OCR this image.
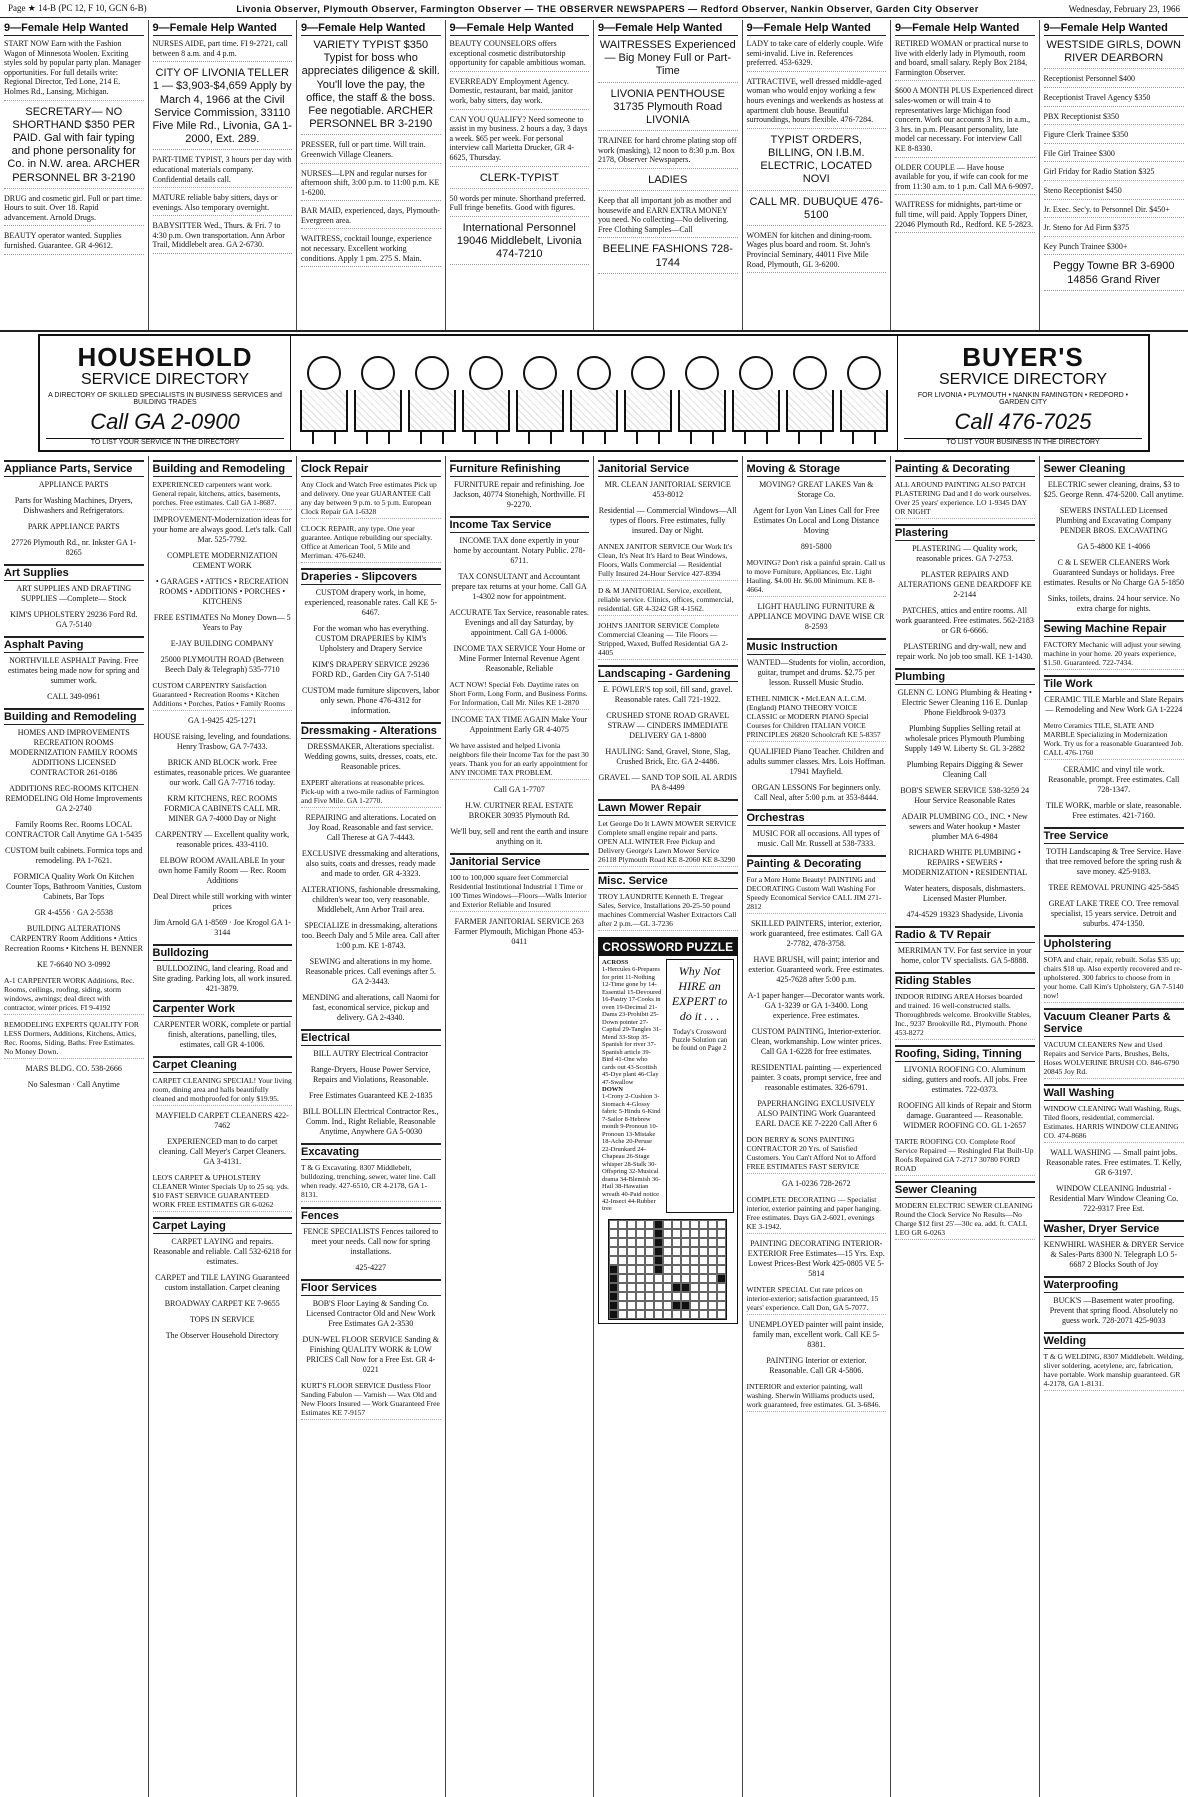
Page ★ 14-B (PC 12, F 10, GCN 6-B)	Livonia Observer, Plymouth Observer, Farmington Observer — THE OBSERVER NEWSPAPERS — Redford Observer, Nankin Observer, Garden City Observer	Wednesday, February 23, 1966
9—Female Help Wanted
START NOW Earn with the Fashion Wagon of Minnesota Woolen. Exciting styles sold by popular party plan. Manager opportunities. For full details write: Regional Director, Ted Lone, 214 E. Holmes Rd., Lansing, Michigan.
SECRETARY— NO SHORTHAND $350 PER PAID. Gal with fair typing and phone personality for Co. in N.W. area. ARCHER PERSONNEL BR 3-2190
DRUG and cosmetic girl. Full or part time. Hours to suit. Over 18. Rapid advancement. Arnold Drugs.
BEAUTY operator wanted. Supplies furnished. Guarantee. GR 4-9612.
9—Female Help Wanted
NURSES AIDE, part time. FI 9-2721, call between 8 a.m. and 4 p.m.
CITY OF LIVONIA TELLER 1 — $3,903-$4,659 Apply by March 4, 1966 at the Civil Service Commission, 33110 Five Mile Rd., Livonia, GA 1-2000, Ext. 289.
PART-TIME TYPIST, 3 hours per day with educational materials company. Confidential details call.
MATURE reliable baby sitters, days or evenings. Also temporary overnight.
BABYSITTER Wed., Thurs. & Fri. 7 to 4:30 p.m. Own transportation. Ann Arbor Trail, Middlebelt area. GA 2-6730.
9—Female Help Wanted
VARIETY TYPIST $350 Typist for boss who appreciates diligence & skill. You'll love the pay, the office, the staff & the boss. Fee negotiable. ARCHER PERSONNEL BR 3-2190
PRESSER, full or part time. Will train. Greenwich Village Cleaners.
NURSES—LPN and regular nurses for afternoon shift, 3:00 p.m. to 11:00 p.m. KE 1-6200.
BAR MAID, experienced, days, Plymouth-Evergreen area.
WAITRESS, cocktail lounge, experience not necessary. Excellent working conditions. Apply 1 pm. 275 S. Main.
9—Female Help Wanted
BEAUTY COUNSELORS offers exceptional cosmetic distributorship opportunity for capable ambitious woman.
EVERREADY Employment Agency. Domestic, restaurant, bar maid, janitor work, baby sitters, day work.
CAN YOU QUALIFY? Need someone to assist in my business. 2 hours a day, 3 days a week. $65 per week. For personal interview call Marietta Drucker, GR 4-6625, Thursday.
CLERK-TYPIST
50 words per minute. Shorthand preferred. Full fringe benefits. Good with figures.
International Personnel 19046 Middlebelt, Livonia 474-7210
9—Female Help Wanted
WAITRESSES Experienced — Big Money Full or Part-Time
LIVONIA PENTHOUSE 31735 Plymouth Road LIVONIA
TRAINEE for hard chrome plating stop off work (masking), 12 noon to 8:30 p.m. Box 2178, Observer Newspapers.
LADIES
Keep that all important job as mother and housewife and EARN EXTRA MONEY you need. No collecting—No delivering. Free Clothing Samples—Call
BEELINE FASHIONS 728-1744
9—Female Help Wanted
LADY to take care of elderly couple. Wife semi-invalid. Live in. References preferred. 453-6329.
ATTRACTIVE, well dressed middle-aged woman who would enjoy working a few hours evenings and weekends as hostess at apartment club house. Beautiful surroundings, hours flexible. 476-7284.
TYPIST ORDERS, BILLING, ON I.B.M. ELECTRIC, LOCATED NOVI
CALL MR. DUBUQUE 476-5100
WOMEN for kitchen and dining-room. Wages plus board and room. St. John's Provincial Seminary, 44011 Five Mile Road, Plymouth, GL 3-6200.
9—Female Help Wanted
RETIRED WOMAN or practical nurse to live with elderly lady in Plymouth, room and board, small salary. Reply Box 2184, Farmington Observer.
$600 A MONTH PLUS Experienced direct sales-women or will train 4 to representatives large Michigan food concern. Work our accounts 3 hrs. in a.m., 3 hrs. in p.m. Pleasant personality, late model car necessary. For interview Call KE 8-8330.
OLDER COUPLE — Have house available for you, if wife can cook for me from 11:30 a.m. to 1 p.m. Call MA 6-9097.
WAITRESS for midnights, part-time or full time, will paid. Apply Toppers Diner, 22046 Plymouth Rd., Redford. KE 5-2823.
9—Female Help Wanted
WESTSIDE GIRLS, DOWN RIVER DEARBORN
Receptionist Personnel $400
Receptionist Travel Agency $350
PBX Receptionist $350
Figure Clerk Trainee $350
File Girl Trainee $300
Girl Friday for Radio Station $325
Steno Receptionist $450
Jr. Exec. Sec'y. to Personnel Dir. $450+
Jr. Steno for Ad Firm $375
Key Punch Trainee $300+
Peggy Towne BR 3-6900 14856 Grand River
HOUSEHOLD
SERVICE DIRECTORY
A DIRECTORY OF SKILLED SPECIALISTS IN BUSINESS SERVICES and BUILDING TRADES
Call GA 2-0900
TO LIST YOUR SERVICE IN THE DIRECTORY
BUYER'S
SERVICE DIRECTORY
FOR LIVONIA • PLYMOUTH • NANKIN FAMINGTON • REDFORD • GARDEN CITY
Call 476-7025
TO LIST YOUR BUSINESS IN THE DIRECTORY
Appliance Parts, Service
APPLIANCE PARTS
Parts for Washing Machines, Dryers, Dishwashers and Refrigerators.
PARK APPLIANCE PARTS
27726 Plymouth Rd., nr. Inkster GA 1-8265
Art Supplies
ART SUPPLIES AND DRAFTING SUPPLIES —Complete— Stock
KIM'S UPHOLSTERY 29236 Ford Rd. GA 7-5140
Asphalt Paving
NORTHVILLE ASPHALT Paving. Free estimates being made now for spring and summer work.
CALL 349-0961
Building and Remodeling
HOMES AND IMPROVEMENTS RECREATION ROOMS MODERNIZATION FAMILY ROOMS ADDITIONS LICENSED CONTRACTOR 261-0186
ADDITIONS REC-ROOMS KITCHEN REMODELING Old Home Improvements GA 2-2740
Family Rooms Rec. Rooms LOCAL CONTRACTOR Call Anytime GA 1-5435
CUSTOM built cabinets. Formica tops and remodeling. PA 1-7621.
FORMICA Quality Work On Kitchen Counter Tops, Bathroom Vanities, Custom Cabinets, Bar Tops
GR 4-4556 · GA 2-5538
BUILDING ALTERATIONS CARPENTRY Room Additions • Attics Recreation Rooms • Kitchens H. BENNER
KE 7-6640 NO 3-0992
A-1 CARPENTER WORK Additions, Rec. Rooms, ceilings, roofing, siding, storm windows, awnings; deal direct with contractor, winter prices. FI 9-4192
REMODELING EXPERTS QUALITY FOR LESS Dormers, Additions, Kitchens, Attics, Rec. Rooms, Siding, Baths. Free Estimates. No Money Down.
MARS BLDG. CO. 538-2666
No Salesman · Call Anytime
Building and Remodeling
EXPERIENCED carpenters want work. General repair, kitchens, attics, basements, porches. Free estimates. Call GA 1-8687.
IMPROVEMENT-Modernization ideas for your home are always good. Let's talk. Call Mar. 525-7792.
COMPLETE MODERNIZATION CEMENT WORK
• GARAGES • ATTICS • RECREATION ROOMS • ADDITIONS • PORCHES • KITCHENS
FREE ESTIMATES No Money Down— 5 Years to Pay
E-JAY BUILDING COMPANY
25000 PLYMOUTH ROAD (Between Beech Daly & Telegraph) 535-7710
CUSTOM CARPENTRY Satisfaction Guaranteed • Recreation Rooms • Kitchen Additions • Porches, Patios • Family Rooms
GA 1-9425 425-1271
HOUSE raising, leveling, and foundations. Henry Trasbow, GA 7-7433.
BRICK AND BLOCK work. Free estimates, reasonable prices. We guarantee our work. Call GA 7-7716 today.
KRM KITCHENS, REC ROOMS FORMICA CABINETS CALL MR. MINER GA 7-4000 Day or Night
CARPENTRY — Excellent quality work, reasonable prices. 433-4110.
ELBOW ROOM AVAILABLE In your own home Family Room — Rec. Room Additions
Deal Direct while still working with winter prices
Jim Arnold GA 1-8569 · Joe Krogol GA 1-3144
Bulldozing
BULLDOZING, land clearing. Road and Site grading. Parking lots, all work insured. 421-3879.
Carpenter Work
CARPENTER WORK, complete or partial finish, alterations, panelling, tiles, estimates, call GR 4-1006.
Carpet Cleaning
CARPET CLEANING SPECIAL! Your living room, dining area and halls beautifully cleaned and mothproofed for only $19.95.
MAYFIELD CARPET CLEANERS 422-7462
EXPERIENCED man to do carpet cleaning. Call Meyer's Carpet Cleaners. GA 3-4131.
LEO'S CARPET & UPHOLSTERY CLEANER Winter Specials Up to 25 sq. yds. $10 FAST SERVICE GUARANTEED WORK FREE ESTIMATES GR 6-0262
Carpet Laying
CARPET LAYING and repairs. Reasonable and reliable. Call 532-6218 for estimates.
CARPET and TILE LAYING Guaranteed custom installation. Carpet cleaning
BROADWAY CARPET KE 7-9655
TOPS IN SERVICE
The Observer Household Directory
Clock Repair
Any Clock and Watch Free estimates Pick up and delivery. One year GUARANTEE Call any day between 9 p.m. to 5 p.m. European Clock Repair GA 1-6328
CLOCK REPAIR, any type. One year guarantee. Antique rebuilding our specialty. Office at American Tool, 5 Mile and Merriman. 476-6240.
Draperies - Slipcovers
CUSTOM drapery work, in home, experienced, reasonable rates. Call KE 5-6467.
For the woman who has everything. CUSTOM DRAPERIES by KIM's Upholstery and Drapery Service
KIM'S DRAPERY SERVICE 29236 FORD RD., Garden City GA 7-5140
CUSTOM made furniture slipcovers, labor only sewn. Phone 476-4312 for information.
Dressmaking - Alterations
DRESSMAKER, Alterations specialist. Wedding gowns, suits, dresses, coats, etc. Reasonable prices.
EXPERT alterations at reasonable prices. Pick-up with a two-mile radius of Farmington and Five Mile. GA 1-2770.
REPAIRING and alterations. Located on Joy Road. Reasonable and fast service. Call Therese at GA 7-4443.
EXCLUSIVE dressmaking and alterations, also suits, coats and dresses, ready made and made to order. GR 4-3323.
ALTERATIONS, fashionable dressmaking, children's wear too, very reasonable. Middlebelt, Ann Arbor Trail area.
SPECIALIZE in dressmaking, alterations too. Beech Daly and 5 Mile area. Call after 1:00 p.m. KE 1-8743.
SEWING and alterations in my home. Reasonable prices. Call evenings after 5. GA 2-3443.
MENDING and alterations, call Naomi for fast, economical service, pickup and delivery. GA 2-4340.
Electrical
BILL AUTRY Electrical Contractor
Range-Dryers, House Power Service, Repairs and Violations, Reasonable.
Free Estimates Guaranteed KE 2-1835
BILL BOLLIN Electrical Contractor Res., Comm. Ind., Right Reliable, Reasonable Anytime, Anywhere GA 5-0030
Excavating
T & G Excavating. 8307 Middlebelt, bulldozing, trenching, sewer, water line. Call when ready. 427-6510, CR 4-2178, GA 1-8131.
Fences
FENCE SPECIALISTS Fences tailored to meet your needs. Call now for spring installations.
425-4227
Floor Services
BOB'S Floor Laying & Sanding Co. Licensed Contractor Old and New Work Free Estimates GA 2-3530
DUN-WEL FLOOR SERVICE Sanding & Finishing QUALITY WORK & LOW PRICES Call Now for a Free Est. GR 4-0221
KURT'S FLOOR SERVICE Dustless Floor Sanding Fabulon — Varnish — Wax Old and New Floors Insured — Work Guaranteed Free Estimates KE 7-9157
Furniture Refinishing
FURNITURE repair and refinishing. Joe Jackson, 40774 Stonehigh, Northville. FI 9-2270.
Income Tax Service
INCOME TAX done expertly in your home by accountant. Notary Public. 278-6711.
TAX CONSULTANT and Accountant prepare tax returns at your home. Call GA 1-4302 now for appointment.
ACCURATE Tax Service, reasonable rates. Evenings and all day Saturday, by appointment. Call GA 1-0006.
INCOME TAX SERVICE Your Home or Mine Former Internal Revenue Agent Reasonable, Reliable
ACT NOW! Special Feb. Daytime rates on Short Form, Long Form, and Business Forms. For Information, Call Mr. Niles KE 1-2870
INCOME TAX TIME AGAIN Make Your Appointment Early GR 4-4075
We have assisted and helped Livonia neighbors file their Income Tax for the past 30 years. Thank you for an early appointment for ANY INCOME TAX PROBLEM.
Call GA 1-7707
H.W. CURTNER REAL ESTATE BROKER 30935 Plymouth Rd.
We'll buy, sell and rent the earth and insure anything on it.
Janitorial Service
100 to 100,000 square feet Commercial Residential Institutional Industrial 1 Time or 100 Times Windows—Floors—Walls Interior and Exterior Reliable and Insured
FARMER JANITORIAL SERVICE 263 Farmer Plymouth, Michigan Phone 453-0411
Janitorial Service
MR. CLEAN JANITORIAL SERVICE 453-8012
Residential — Commercial Windows—All types of floors. Free estimates, fully insured. Day or Night.
ANNEX JANITOR SERVICE Our Work It's Clean, It's Neat It's Hard to Beat Windows, Floors, Walls Commercial — Residential Fully Insured 24-Hour Service 427-8394
D & M JANITORIAL Service, excellent, reliable service. Clinics, offices, commercial, residential. GR 4-3242 GR 4-1562.
JOHN'S JANITOR SERVICE Complete Commercial Cleaning — Tile Floors — Stripped, Waxed, Buffed Residential GA 2-4405
Landscaping - Gardening
E. FOWLER'S top soil, fill sand, gravel. Reasonable rates. Call 721-1922.
CRUSHED STONE ROAD GRAVEL STRAW — CINDERS IMMEDIATE DELIVERY GA 1-8800
HAULING: Sand, Gravel, Stone, Slag, Crushed Brick, Etc. GA 2-4486.
GRAVEL — SAND TOP SOIL AL ARDIS PA 8-4499
Lawn Mower Repair
Let George Do It LAWN MOWER SERVICE Complete small engine repair and parts. OPEN ALL WINTER Free Pickup and Delivery George's Lawn Mower Service 26118 Plymouth Road KE 8-2060 KE 8-3290
Misc. Service
TROY LAUNDRITE Kenneth E. Tregear Sales, Service, Installations 20-25-50 pound machines Commercial Washer Extractors Call after 2 p.m.—GL 3-7236
CROSSWORD PUZZLE
ACROSS
1-Hercules 6-Prepares for print 11-Nothing 12-Time gone by 14-Essential 15-Devoured 16-Pastry 17-Cooks in oven 19-Decimal 21-Dams 23-Prohibit 25-Down pointer 27-Capital 29-Tangles 31-Mend 33-Stop 35-Spanish for river 37-Spanish article 39-Bird 41-One who cards out 43-Scottish 45-Dye plant 46-Clay 47-Swallow
DOWN
1-Crony 2-Cushion 3-Stomach 4-Glossy fabric 5-Hindu 6-Kind 7-Sailor 8-Hebrew month 9-Pronoun 10-Pronoun 13-Mistake 18-Ache 20-Peruse 22-Drunkard 24-Chapeau 26-Stage whisper 28-Stalk 30-Offspring 32-Musical drama 34-Blemish 36-Hail 38-Hawaiian wreath 40-Paid notice 42-Insect 44-Rubber tree
Why Not HIRE an EXPERT to do it . . .
Today's Crossword Puzzle Solution can be found on Page 2
Moving & Storage
MOVING? GREAT LAKES Van & Storage Co.
Agent for Lyon Van Lines Call for Free Estimates On Local and Long Distance Moving
891-5800
MOVING? Don't risk a painful sprain. Call us to move Furniture, Appliances, Etc. Light Hauling. $4.00 Hr. $6.00 Minimum. KE 8-4664.
LIGHT HAULING FURNITURE & APPLIANCE MOVING DAVE WISE CR 8-2593
Music Instruction
WANTED—Students for violin, accordion, guitar, trumpet and drums. $2.75 per lesson. Russell Music Studio.
ETHEL NIMICK • McLEAN A.L.C.M. (England) PIANO THEORY VOICE CLASSIC or MODERN PIANO Special Courses for Children ITALIAN VOICE PRINCIPLES 26820 Schoolcraft KE 5-8357
QUALIFIED Piano Teacher. Children and adults summer classes. Mrs. Lois Hoffman. 17941 Mayfield.
ORGAN LESSONS For beginners only. Call Neal, after 5:00 p.m. at 353-8444.
Orchestras
MUSIC FOR all occasions. All types of music. Call Mr. Russell at 538-7333.
Painting & Decorating
For a More Home Beauty! PAINTING and DECORATING Custom Wall Washing For Speedy Economical Service CALL JIM 271-2812
SKILLED PAINTERS, interior, exterior, work guaranteed, free estimates. Call GA 2-7782, 478-3758.
HAVE BRUSH, will paint; interior and exterior. Guaranteed work. Free estimates. 425-7628 after 5:00 p.m.
A-1 paper hanger—Decorator wants work. GA 1-3239 or GA 1-3400. Long experience. Free estimates.
CUSTOM PAINTING, Interior-exterior. Clean, workmanship. Low winter prices. Call GA 1-6228 for free estimates.
RESIDENTIAL painting — experienced painter. 3 coats, prompt service, free and reasonable estimates. 326-6791.
PAPERHANGING EXCLUSIVELY ALSO PAINTING Work Guaranteed EARL DACE KE 7-2220 Call After 6
DON BERRY & SONS PAINTING CONTRACTOR 20 Yrs. of Satisfied Customers. You Can't Afford Not to Afford FREE ESTIMATES FAST SERVICE
GA 1-0236 728-2672
COMPLETE DECORATING — Specialist interior, exterior painting and paper hanging. Free estimates. Days GA 2-6021, evenings KE 3-1942.
PAINTING DECORATING INTERIOR-EXTERIOR Free Estimates—15 Yrs. Exp. Lowest Prices-Best Work 425-0805 VE 5-5814
WINTER SPECIAL Cut rate prices on interior-exterior; satisfaction guaranteed, 15 years' experience. Call Don, GA 5-7077.
UNEMPLOYED painter will paint inside, family man, excellent work. Call KE 5-8381.
PAINTING Interior or exterior. Reasonable. Call GR 4-5806.
INTERIOR and exterior painting, wall washing. Sherwin Williams products used, work guaranteed, free estimates. GL 3-6846.
Painting & Decorating
ALL AROUND PAINTING ALSO PATCH PLASTERING Dad and I do work ourselves. Over 25 years' experience. LO 1-9345 DAY OR NIGHT
Plastering
PLASTERING — Quality work, reasonable prices. GA 7-2753.
PLASTER REPAIRS AND ALTERATIONS GENE DEARDOFF KE 2-2144
PATCHES, attics and entire rooms. All work guaranteed. Free estimates. 562-2183 or GR 6-6666.
PLASTERING and dry-wall, new and repair work. No job too small. KE 1-1430.
Plumbing
GLENN C. LONG Plumbing & Heating • Electric Sewer Cleaning 116 E. Dunlap Phone Fieldbrook 9-0373
Plumbing Supplies Selling retail at wholesale prices Plymouth Plumbing Supply 149 W. Liberty St. GL 3-2882
Plumbing Repairs Digging & Sewer Cleaning Call
BOB'S SEWER SERVICE 538-3259 24 Hour Service Reasonable Rates
ADAIR PLUMBING CO., INC. • New sewers and Water hookup • Master plumber MA 6-4984
RICHARD WHITE PLUMBING • REPAIRS • SEWERS • MODERNIZATION • RESIDENTIAL
Water heaters, disposals, dishmasters. Licensed Master Plumber.
474-4529 19323 Shadyside, Livonia
Radio & TV Repair
MERRIMAN TV. For fast service in your home, color TV specialists. GA 5-8888.
Riding Stables
INDOOR RIDING AREA Horses boarded and trained. 16 well-constructed stalls. Thoroughbreds welcome. Brookville Stables, Inc., 9237 Brookville Rd., Plymouth. Phone 453-8272
Roofing, Siding, Tinning
LIVONIA ROOFING CO. Aluminum siding, gutters and roofs. All jobs. Free estimates. 722-0373.
ROOFING All kinds of Repair and Storm damage. Guaranteed — Reasonable. WIDMER ROOFING CO. GL 1-2657
TARTE ROOFING CO. Complete Roof Service Repaired — Reshingled Flat Built-Up Roofs Repaired GA 7-2717 30780 FORD ROAD
Sewer Cleaning
MODERN ELECTRIC SEWER CLEANING Round the Clock Service No Results—No Charge $12 first 25'—30c ea. add. ft. CALL LEO GR 6-0263
Sewer Cleaning
ELECTRIC sewer cleaning, drains, $3 to $25. George Renn. 474-5200. Call anytime.
SEWERS INSTALLED Licensed Plumbing and Excavating Company PENDER BROS. EXCAVATING
GA 5-4800 KE 1-4066
C & L SEWER CLEANERS Work Guaranteed Sundays or holidays. Free estimates. Results or No Charge GA 5-1850
Sinks, toilets, drains. 24 hour service. No extra charge for nights.
Sewing Machine Repair
FACTORY Mechanic will adjust your sewing machine in your home. 20 years experience, $1.50. Guaranteed. 722-7434.
Tile Work
CERAMIC TILE Marble and Slate Repairs — Remodeling and New Work GA 1-2224
Metro Ceramics TILE, SLATE AND MARBLE Specializing in Modernization Work. Try us for a reasonable Guaranteed Job. CALL 476-1760
CERAMIC and vinyl tile work. Reasonable, prompt. Free estimates. Call 728-1347.
TILE WORK, marble or slate, reasonable. Free estimates. 421-7160.
Tree Service
TOTH Landscaping & Tree Service. Have that tree removed before the spring rush & save money. 425-9183.
TREE REMOVAL PRUNING 425-5845
GREAT LAKE TREE CO. Tree removal specialist, 15 years service. Detroit and suburbs. 474-1350.
Upholstering
SOFA and chair, repair, rebuilt. Sofas $35 up; chairs $18 up. Also expertly recovered and re-upholstered. 300 fabrics to choose from in your home. Call Kim's Upholstery, GA 7-5140 now!
Vacuum Cleaner Parts & Service
VACUUM CLEANERS New and Used Repairs and Service Parts, Brushes, Belts, Hoses WOLVERINE BRUSH CO. 846-6790 20845 Joy Rd.
Wall Washing
WINDOW CLEANING Wall Washing, Rugs, Tiled floors, residential, commercial. Estimates. HARRIS WINDOW CLEANING CO. 474-8686
WALL WASHING — Small paint jobs. Reasonable rates. Free estimates. T. Kelly, GR 6-3197.
WINDOW CLEANING Industrial - Residential Marv Window Cleaning Co. 722-9317 Free Est.
Washer, Dryer Service
KENWHIRL WASHER & DRYER Service & Sales-Parts 8300 N. Telegraph LO 5-6687 2 Blocks South of Joy
Waterproofing
BUCK'S —Basement water proofing. Prevent that spring flood. Absolutely no guess work. 728-2071 425-9033
Welding
T & G WELDING, 8307 Middlebelt. Welding, sliver soldering, acetylene, arc, fabrication, have portable. Work manship guaranteed. GR 4-2178, GA 1-8131.
